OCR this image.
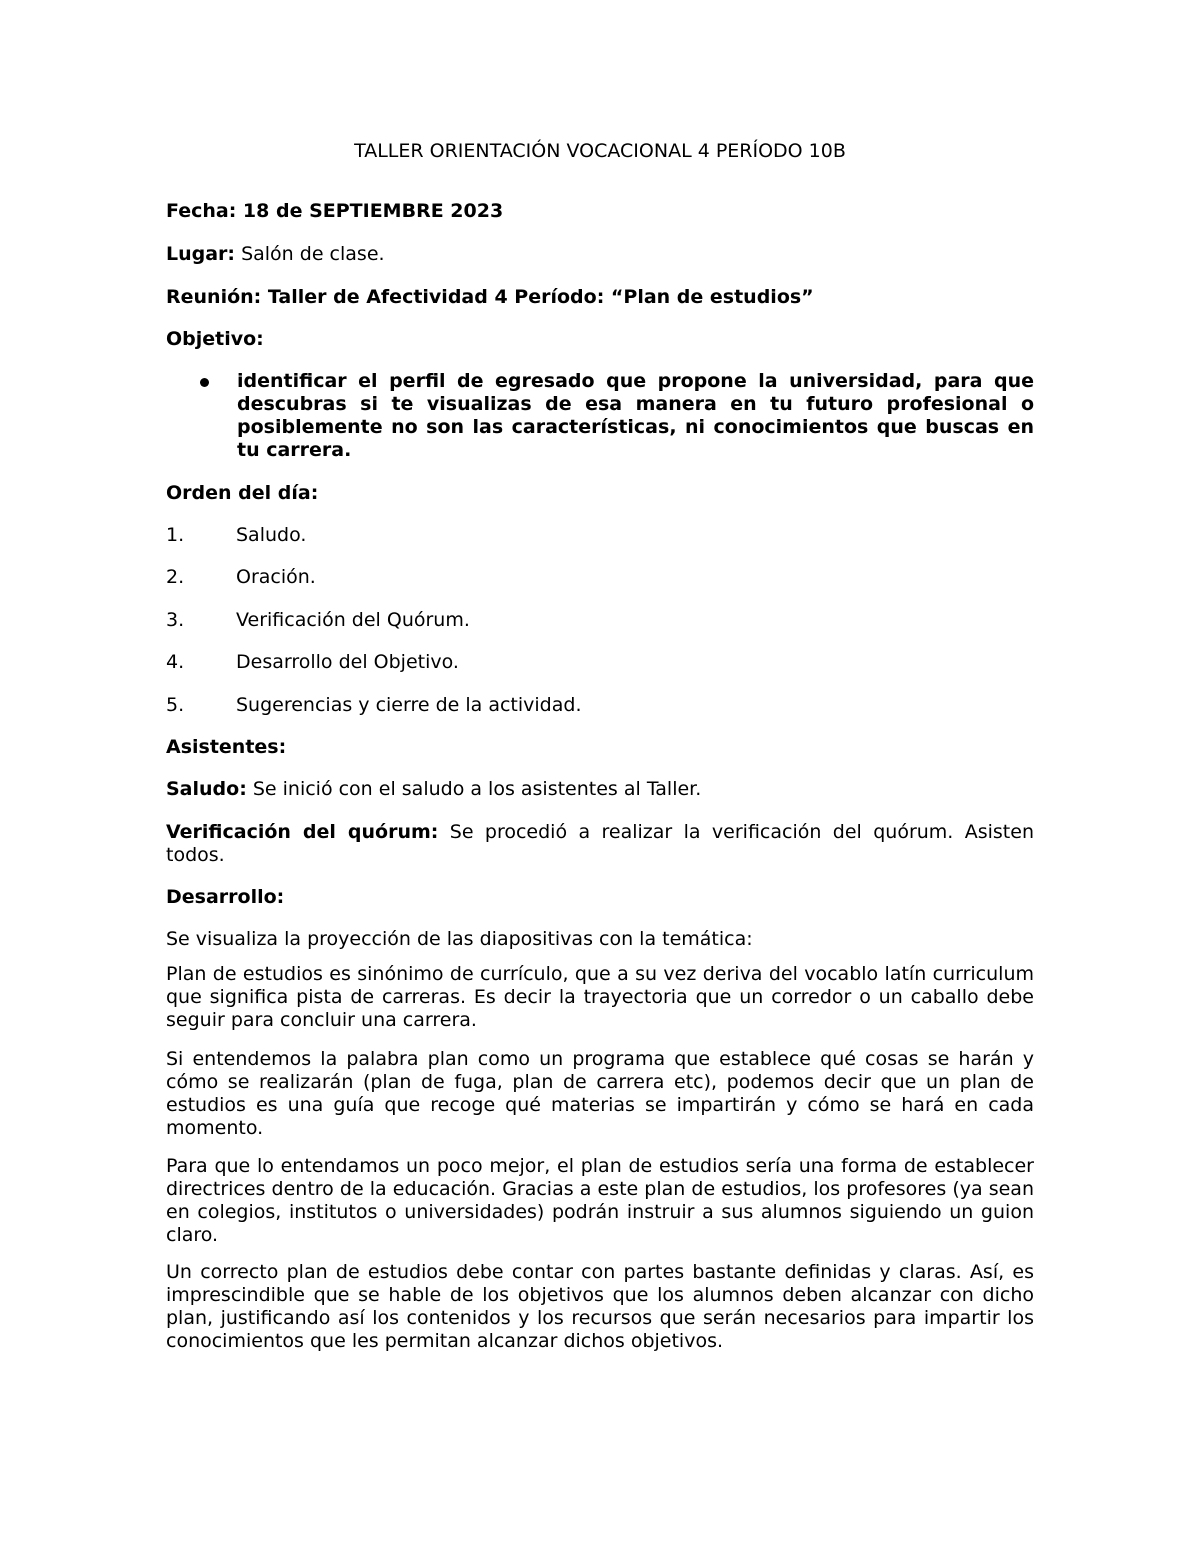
TALLER ORIENTACIÓN VOCACIONAL 4 PERÍODO 10B
Fecha: 18 de SEPTIEMBRE 2023
Lugar: Salón de clase.
Reunión: Taller de Afectividad 4 Período: “Plan de estudios”
Objetivo:
identificar el perfil de egresado que propone la universidad, para que descubras si te visualizas de esa manera en tu futuro profesional o posiblemente no son las características, ni conocimientos que buscas en tu carrera.
Orden del día:
1.	Saludo.
2.	Oración.
3.	Verificación del Quórum.
4.	Desarrollo del Objetivo.
5.	Sugerencias y cierre de la actividad.
Asistentes:
Saludo: Se inició con el saludo a los asistentes al Taller.
Verificación del quórum: Se procedió a realizar la verificación del quórum. Asisten todos.
Desarrollo:
Se visualiza la proyección de las diapositivas con la temática:
Plan de estudios es sinónimo de currículo, que a su vez deriva del vocablo latín curriculum que significa pista de carreras. Es decir la trayectoria que un corredor o un caballo debe seguir para concluir una carrera.
Si entendemos la palabra plan como un programa que establece qué cosas se harán y cómo se realizarán (plan de fuga, plan de carrera etc), podemos decir que un plan de estudios es una guía que recoge qué materias se impartirán y cómo se hará en cada momento.
Para que lo entendamos un poco mejor, el plan de estudios sería una forma de establecer directrices dentro de la educación. Gracias a este plan de estudios, los profesores (ya sean en colegios, institutos o universidades) podrán instruir a sus alumnos siguiendo un guion claro.
Un correcto plan de estudios debe contar con partes bastante definidas y claras. Así, es imprescindible que se hable de los objetivos que los alumnos deben alcanzar con dicho plan, justificando así los contenidos y los recursos que serán necesarios para impartir los conocimientos que les permitan alcanzar dichos objetivos.
